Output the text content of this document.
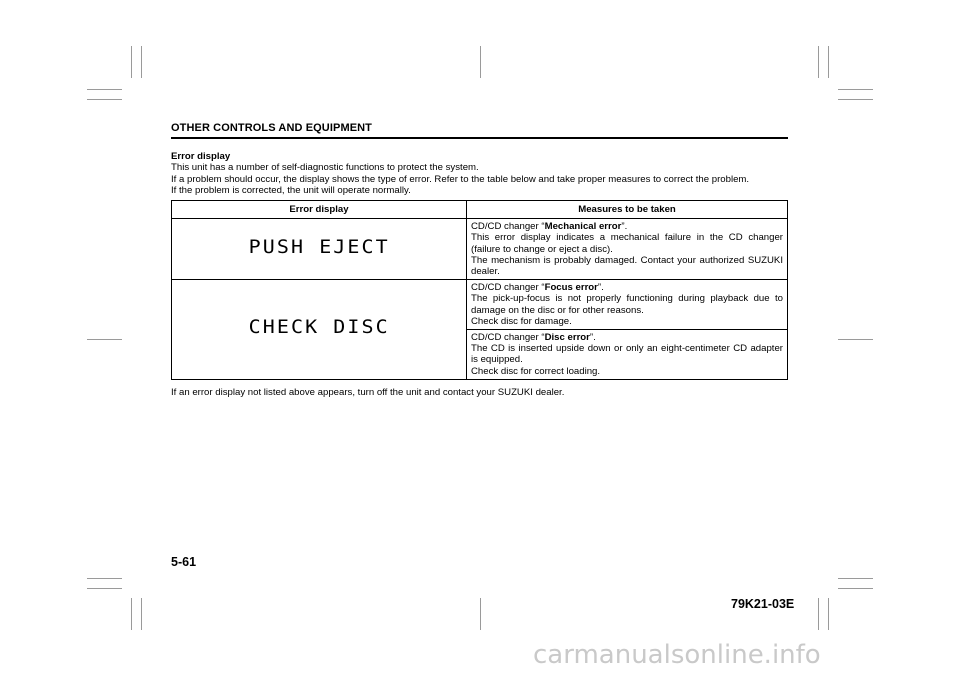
OTHER CONTROLS AND EQUIPMENT

Error display

This unit has a number of self-diagnostic functions to protect the system.

If a problem should occur, the display shows the type of error. Refer to the table below and take proper measures to correct the problem.

If the problem is corrected, the unit will operate normally.

Error display	Measures to be taken
PUSH EJECT	CD/CD changer “Mechanical error”.
This error display indicates a mechanical failure in the CD changer (failure to change or eject a disc).
The mechanism is probably damaged. Contact your authorized SUZUKI dealer.

CHECK DISC	CD/CD changer “Focus error”.
The pick-up-focus is not properly functioning during playback due to damage on the disc or for other reasons.
Check disc for damage.

	CD/CD changer “Disc error”.
The CD is inserted upside down or only an eight-centimeter CD adapter is equipped.
Check disc for correct loading.
If an error display not listed above appears, turn off the unit and contact your SUZUKI dealer.
5-61
79K21-03E
carmanualsonline.info
